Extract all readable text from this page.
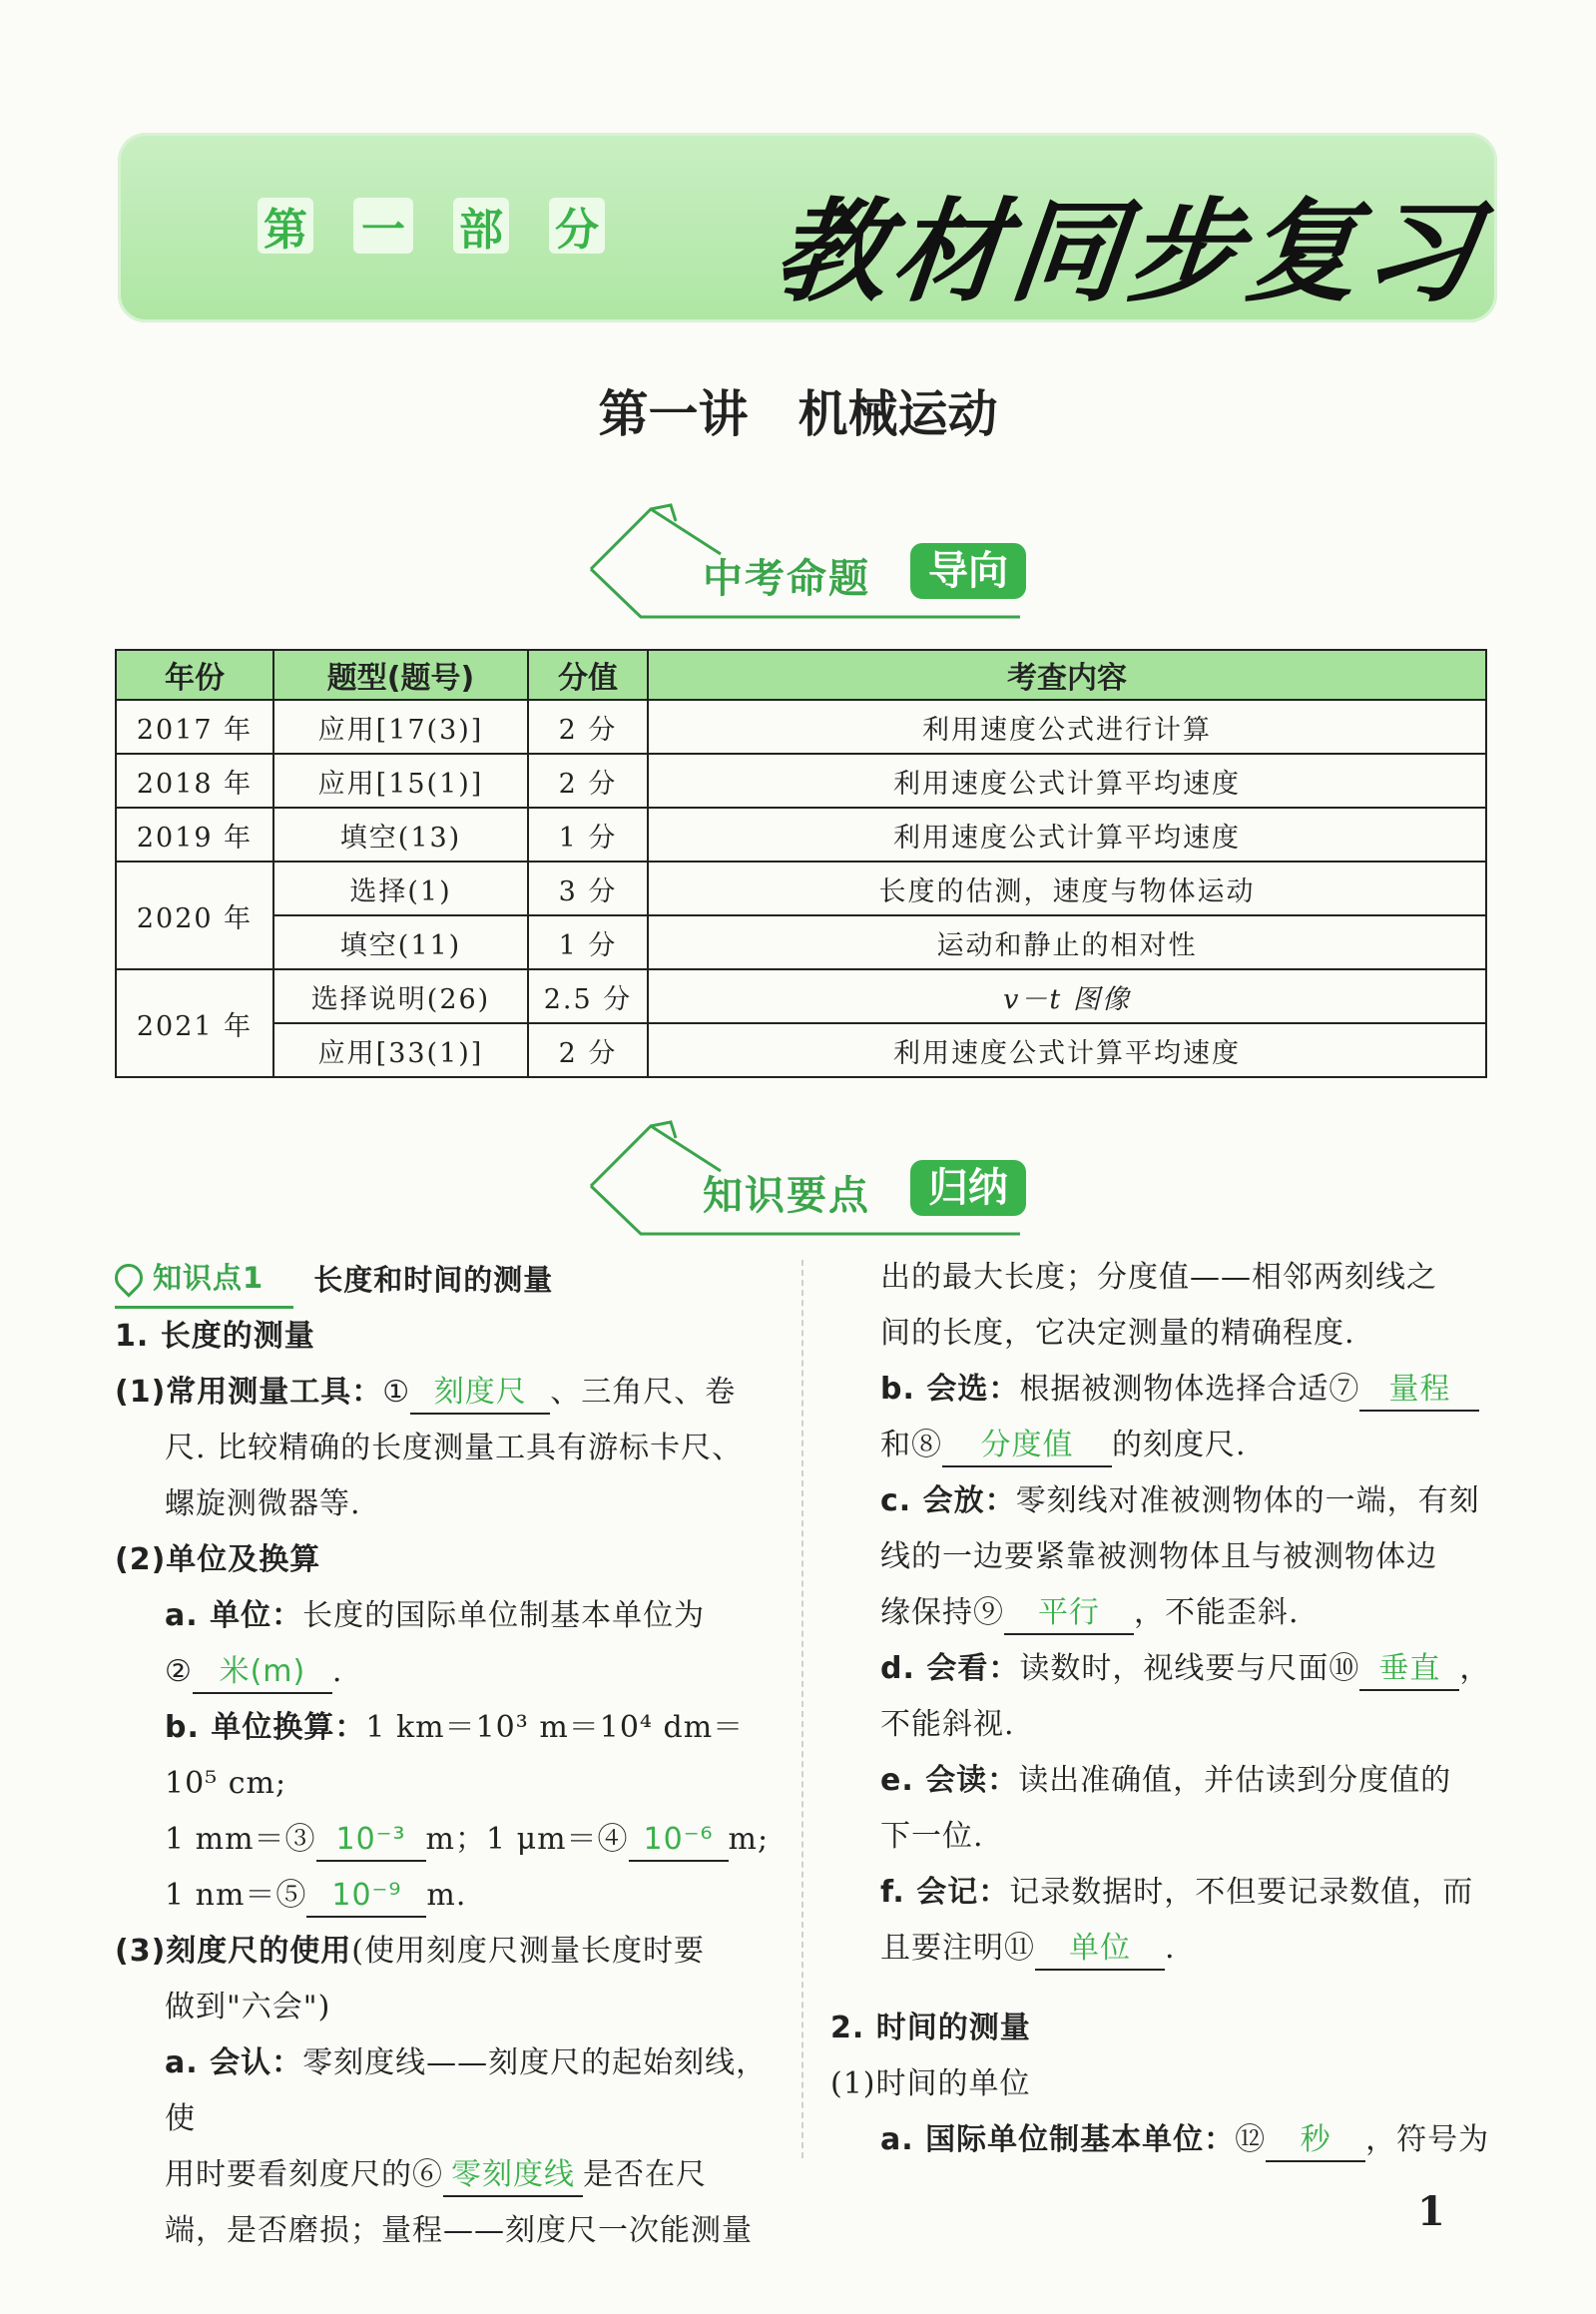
第 一 部 分 教材同步复习
第一讲　机械运动
中考命题	导向
年份	题型(题号)	分值	考查内容
2017 年	应用[17(3)]	2 分	利用速度公式进行计算
2018 年	应用[15(1)]	2 分	利用速度公式计算平均速度
2019 年	填空(13)	1 分	利用速度公式计算平均速度
2020 年	选择(1)	3 分	长度的估测，速度与物体运动
	填空(11)	1 分	运动和静止的相对性
2021 年	选择说明(26)	2.5 分	v－t 图像
	应用[33(1)]	2 分	利用速度公式计算平均速度
知识要点	归纳

知识点1 长度和时间的测量

1. 长度的测量

(1)常用测量工具：① 刻度尺 、三角尺、卷

尺. 比较精确的长度测量工具有游标卡尺、

螺旋测微器等.

(2)单位及换算

a. 单位：长度的国际单位制基本单位为

② 米(m) .

b. 单位换算：1 km＝10³ m＝10⁴ dm＝10⁵ cm;

1 mm＝③ 10⁻³ m；1 μm＝④ 10⁻⁶ m;

1 nm＝⑤ 10⁻⁹ m.

(3)刻度尺的使用(使用刻度尺测量长度时要

做到"六会")

a. 会认：零刻度线——刻度尺的起始刻线，使

用时要看刻度尺的⑥ 零刻度线 是否在尺

端，是否磨损；量程——刻度尺一次能测量

出的最大长度；分度值——相邻两刻线之

间的长度，它决定测量的精确程度.

b. 会选：根据被测物体选择合适⑦ 量程

和⑧ 分度值 的刻度尺.

c. 会放：零刻线对准被测物体的一端，有刻

线的一边要紧靠被测物体且与被测物体边

缘保持⑨ 平行 ，不能歪斜.

d. 会看：读数时，视线要与尺面⑩ 垂直 ，

不能斜视.

e. 会读：读出准确值，并估读到分度值的

下一位.

f. 会记：记录数据时，不但要记录数值，而

且要注明⑪ 单位 .

2. 时间的测量

(1)时间的单位

a. 国际单位制基本单位：⑫ 秒 ，符号为

1
